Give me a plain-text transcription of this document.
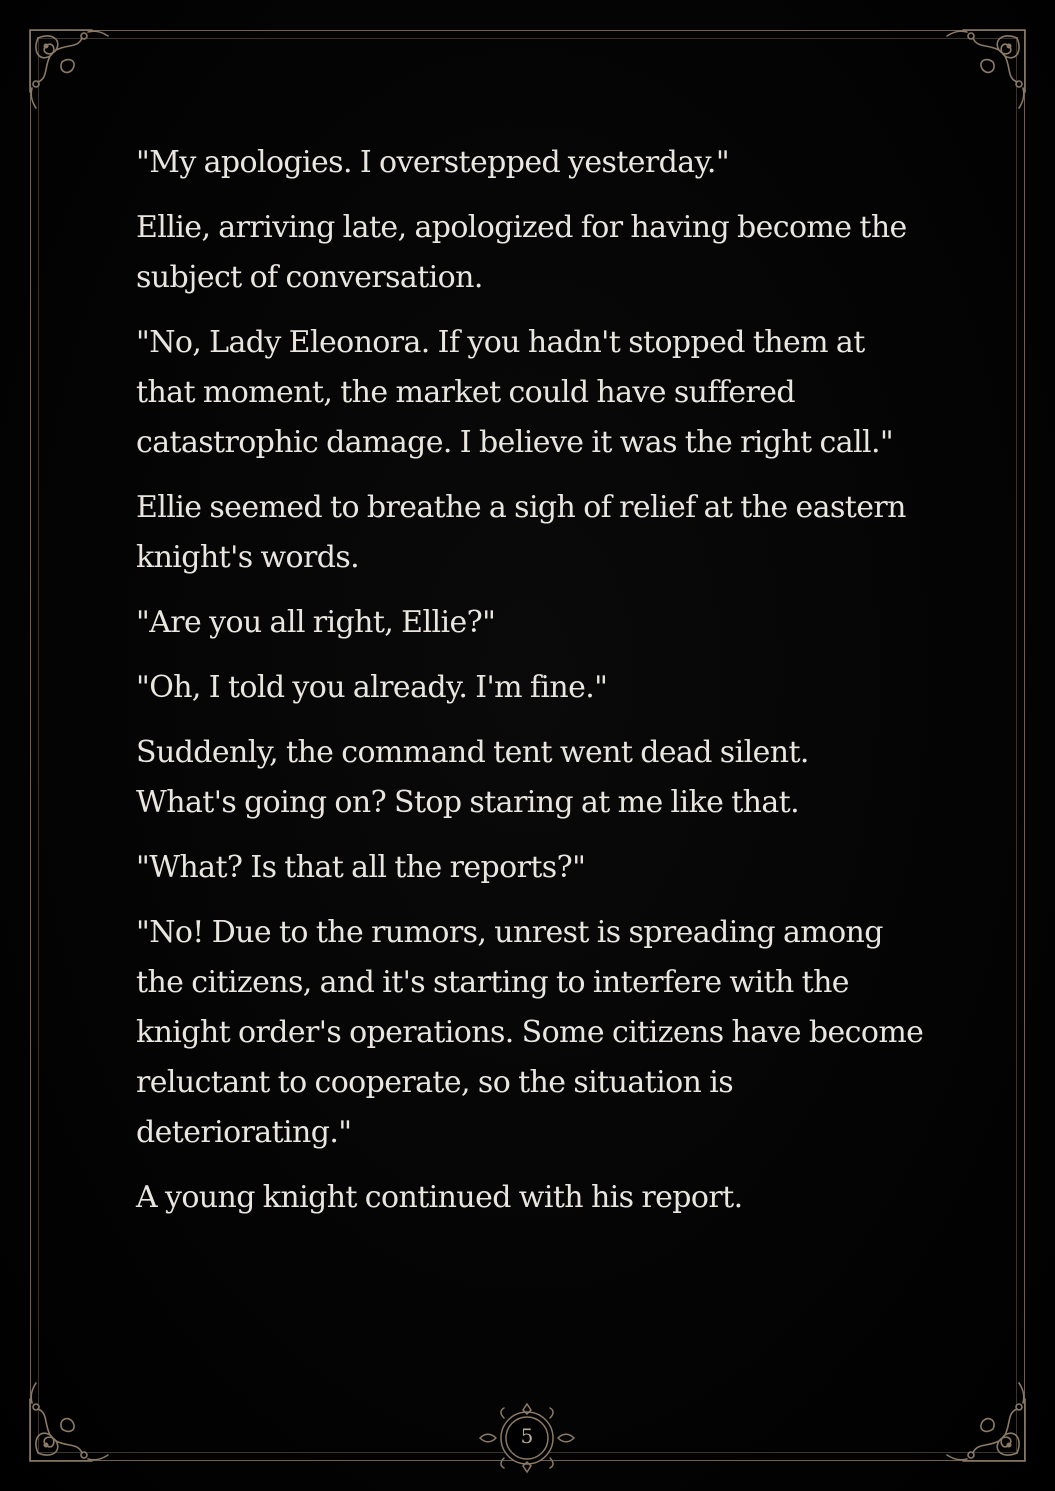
"My apologies. I overstepped yesterday."

Ellie, arriving late, apologized for having become the subject of conversation.

"No, Lady Eleonora. If you hadn't stopped them at that moment, the market could have suffered catastrophic damage. I believe it was the right call."

Ellie seemed to breathe a sigh of relief at the eastern knight's words.

"Are you all right, Ellie?"

"Oh, I told you already. I'm fine."

Suddenly, the command tent went dead silent.
What's going on? Stop staring at me like that.

"What? Is that all the reports?"

"No! Due to the rumors, unrest is spreading among the citizens, and it's starting to interfere with the knight order's operations. Some citizens have become reluctant to cooperate, so the situation is deteriorating."

A young knight continued with his report.

5
